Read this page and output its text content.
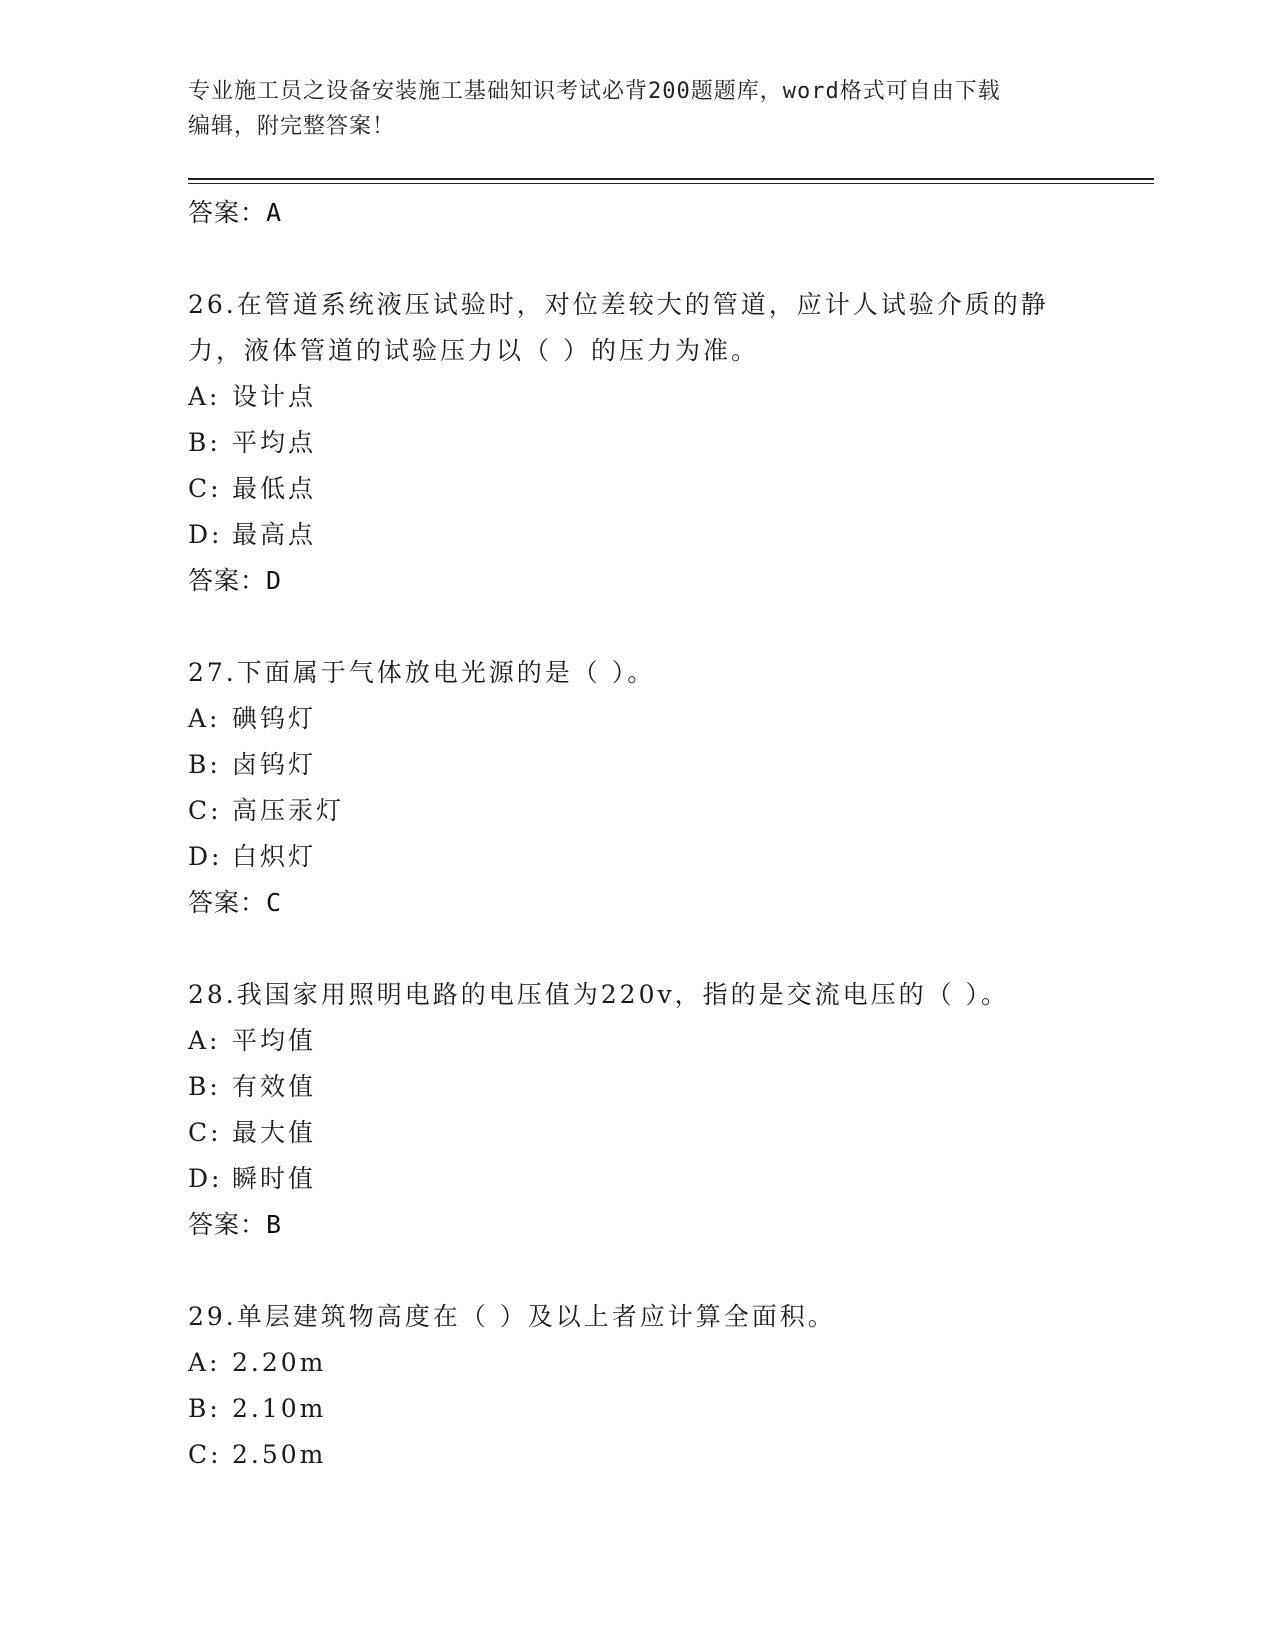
专业施工员之设备安装施工基础知识考试必背200题题库，word格式可自由下载
编辑，附完整答案！
答案：A
26.在管道系统液压试验时，对位差较大的管道，应计人试验介质的静
力，液体管道的试验压力以（ ）的压力为准。
A: 设计点
B: 平均点
C: 最低点
D: 最高点
答案：D
27.下面属于气体放电光源的是（ ）。
A: 碘钨灯
B: 卤钨灯
C: 高压汞灯
D: 白炽灯
答案：C
28.我国家用照明电路的电压值为220v，指的是交流电压的（ ）。
A: 平均值
B: 有效值
C: 最大值
D: 瞬时值
答案：B
29.单层建筑物高度在（ ）及以上者应计算全面积。
A: 2.20m
B: 2.10m
C: 2.50m
